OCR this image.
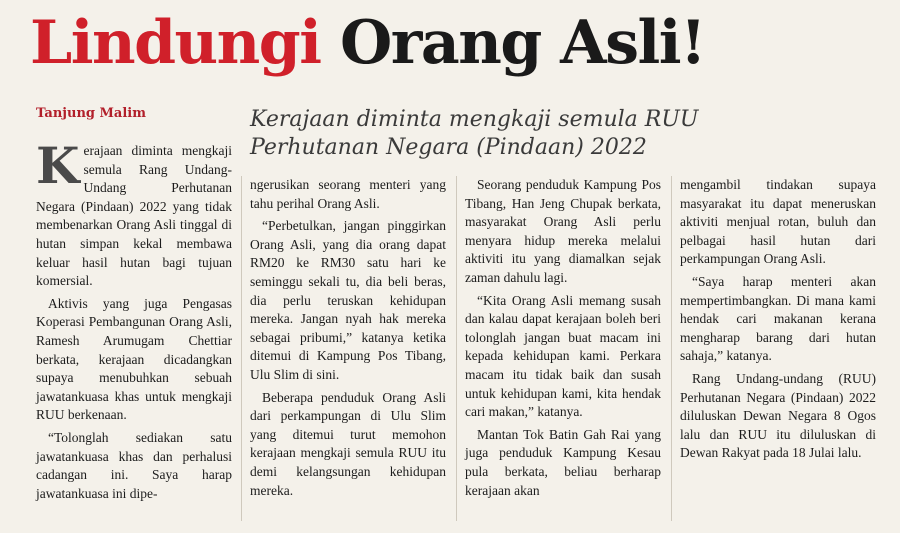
Lindungi Orang Asli!
Tanjung Malim	Kerajaan diminta mengkaji semula RUU Perhutanan Negara (Pindaan) 2022

Kerajaan diminta mengkaji semula Rang Undang-Undang Perhutanan Negara (Pindaan) 2022 yang tidak membenarkan Orang Asli tinggal di hutan simpan kekal membawa keluar hasil hutan bagi tujuan komersial.

Aktivis yang juga Pengasas Koperasi Pembangunan Orang Asli, Ramesh Arumugam Chettiar berkata, kerajaan dicadangkan supaya menubuhkan sebuah jawatankuasa khas untuk mengkaji RUU berkenaan.

“Tolonglah sediakan satu jawatankuasa khas dan perhalusi cadangan ini. Saya harap jawatankuasa ini dipe-

ngerusikan seorang menteri yang tahu perihal Orang Asli.

“Perbetulkan, jangan pinggirkan Orang Asli, yang dia orang dapat RM20 ke RM30 satu hari ke seminggu sekali tu, dia beli beras, dia perlu teruskan kehidupan mereka. Jangan nyah hak mereka sebagai pribumi,” katanya ketika ditemui di Kampung Pos Tibang, Ulu Slim di sini.

Beberapa penduduk Orang Asli dari perkampungan di Ulu Slim yang ditemui turut memohon kerajaan mengkaji semula RUU itu demi kelangsungan kehidupan mereka.

Seorang penduduk Kampung Pos Tibang, Han Jeng Chupak berkata, masyarakat Orang Asli perlu menyara hidup mereka melalui aktiviti itu yang diamalkan sejak zaman dahulu lagi.

“Kita Orang Asli memang susah dan kalau dapat kerajaan boleh beri tolonglah jangan buat macam ini kepada kehidupan kami. Perkara macam itu tidak baik dan susah untuk kehidupan kami, kita hendak cari makan,” katanya.

Mantan Tok Batin Gah Rai yang juga penduduk Kampung Kesau pula berkata, beliau berharap kerajaan akan

mengambil tindakan supaya masyarakat itu dapat meneruskan aktiviti menjual rotan, buluh dan pelbagai hasil hutan dari perkampungan Orang Asli.

“Saya harap menteri akan mempertimbangkan. Di mana kami hendak cari makanan kerana mengharap barang dari hutan sahaja,” katanya.

Rang Undang-undang (RUU) Perhutanan Negara (Pindaan) 2022 diluluskan Dewan Negara 8 Ogos lalu dan RUU itu diluluskan di Dewan Rakyat pada 18 Julai lalu.
